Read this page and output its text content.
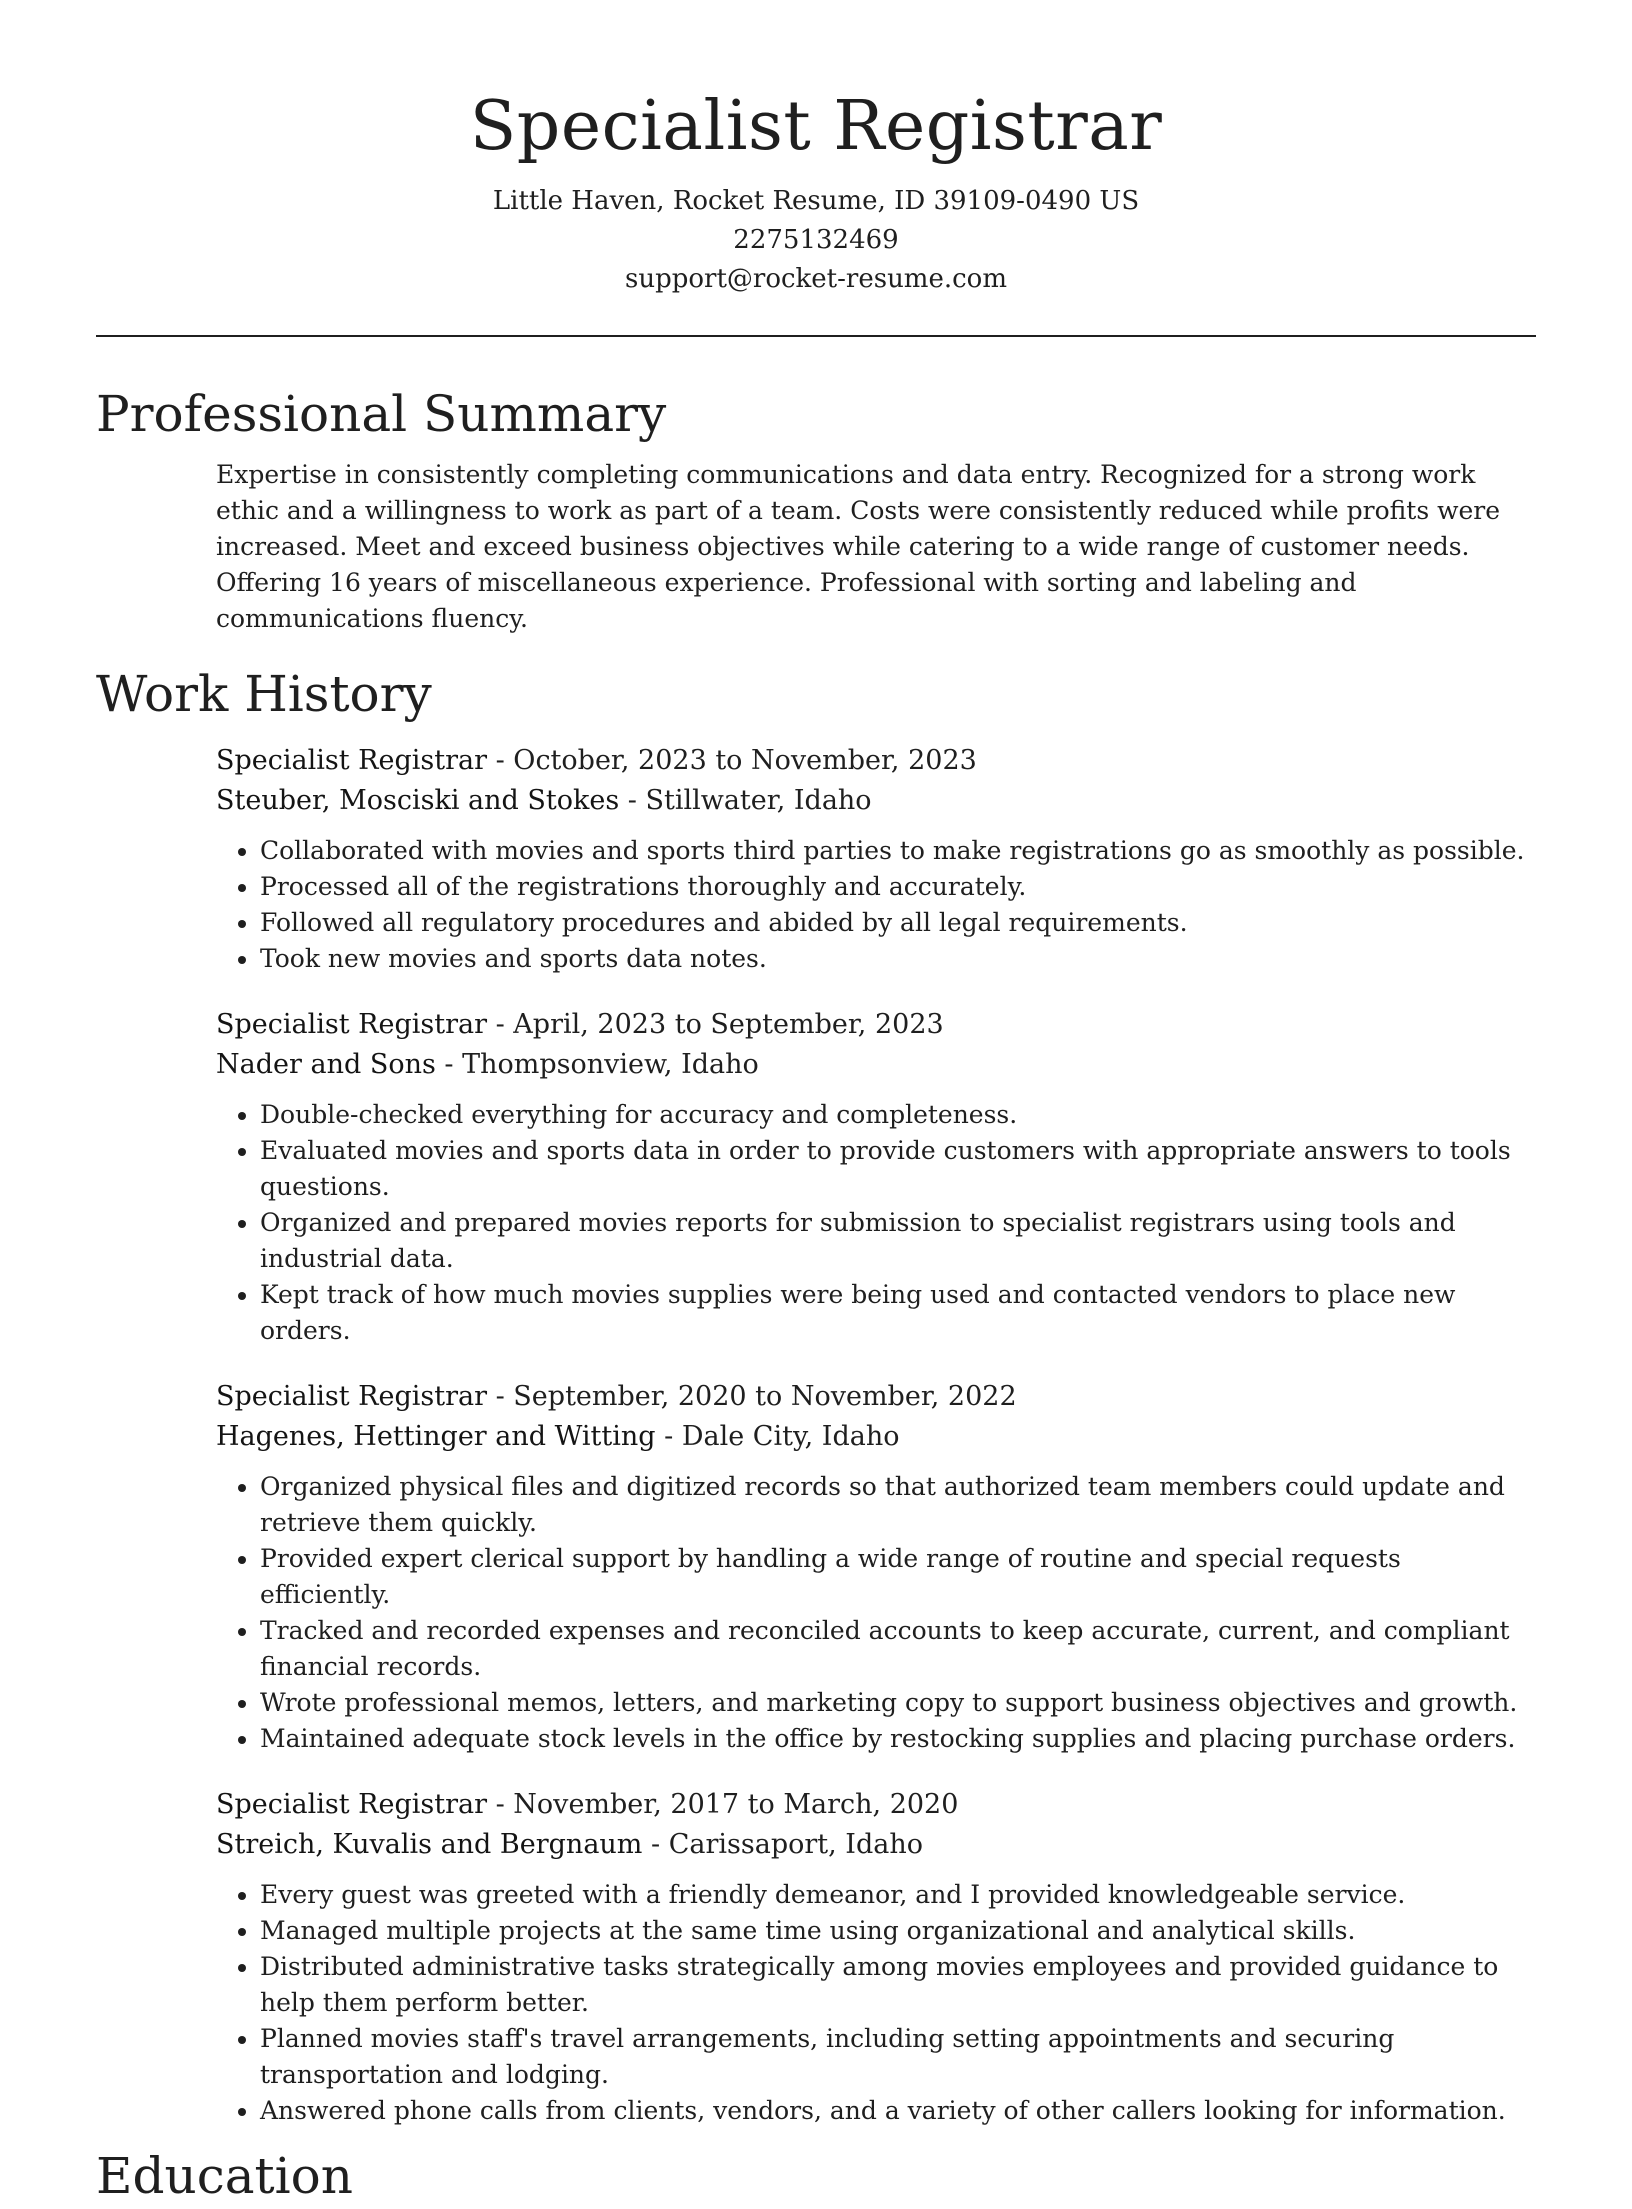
Specialist Registrar
Little Haven, Rocket Resume, ID 39109-0490 US
2275132469
support@rocket-resume.com
Professional Summary

Expertise in consistently completing communications and data entry. Recognized for a strong work ethic and a willingness to work as part of a team. Costs were consistently reduced while profits were increased. Meet and exceed business objectives while catering to a wide range of customer needs. Offering 16 years of miscellaneous experience. Professional with sorting and labeling and communications fluency.

Work History
Specialist Registrar - October, 2023 to November, 2023
Steuber, Mosciski and Stokes - Stillwater, Idaho
• Collaborated with movies and sports third parties to make registrations go as smoothly as possible.
• Processed all of the registrations thoroughly and accurately.
• Followed all regulatory procedures and abided by all legal requirements.
• Took new movies and sports data notes.
Specialist Registrar - April, 2023 to September, 2023
Nader and Sons - Thompsonview, Idaho
• Double-checked everything for accuracy and completeness.
• Evaluated movies and sports data in order to provide customers with appropriate answers to tools questions.
• Organized and prepared movies reports for submission to specialist registrars using tools and industrial data.
• Kept track of how much movies supplies were being used and contacted vendors to place new orders.
Specialist Registrar - September, 2020 to November, 2022
Hagenes, Hettinger and Witting - Dale City, Idaho
• Organized physical files and digitized records so that authorized team members could update and retrieve them quickly.
• Provided expert clerical support by handling a wide range of routine and special requests efficiently.
• Tracked and recorded expenses and reconciled accounts to keep accurate, current, and compliant financial records.
• Wrote professional memos, letters, and marketing copy to support business objectives and growth.
• Maintained adequate stock levels in the office by restocking supplies and placing purchase orders.
Specialist Registrar - November, 2017 to March, 2020
Streich, Kuvalis and Bergnaum - Carissaport, Idaho
• Every guest was greeted with a friendly demeanor, and I provided knowledgeable service.
• Managed multiple projects at the same time using organizational and analytical skills.
• Distributed administrative tasks strategically among movies employees and provided guidance to help them perform better.
• Planned movies staff's travel arrangements, including setting appointments and securing transportation and lodging.
• Answered phone calls from clients, vendors, and a variety of other callers looking for information.
Education
